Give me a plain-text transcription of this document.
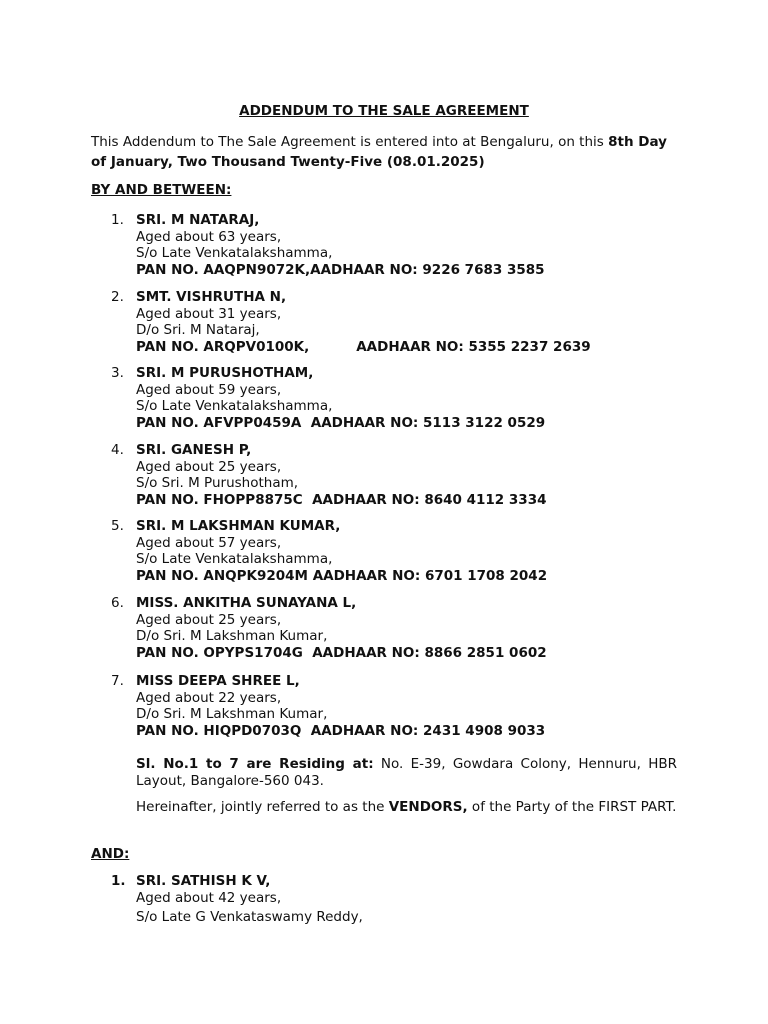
ADDENDUM TO THE SALE AGREEMENT
This Addendum to The Sale Agreement is entered into at Bengaluru, on this 8th Day of January, Two Thousand Twenty-Five (08.01.2025)
BY AND BETWEEN:
1. SRI. M NATARAJ,
Aged about 63 years,
S/o Late Venkatalakshamma,
PAN NO. AAQPN9072K,AADHAAR NO: 9226 7683 3585
2. SMT. VISHRUTHA N,
Aged about 31 years,
D/o Sri. M Nataraj,
PAN NO. ARQPV0100K,	AADHAAR NO: 5355 2237 2639
3. SRI. M PURUSHOTHAM,
Aged about 59 years,
S/o Late Venkatalakshamma,
PAN NO. AFVPP0459A AADHAAR NO: 5113 3122 0529
4. SRI. GANESH P,
Aged about 25 years,
S/o Sri. M Purushotham,
PAN NO. FHOPP8875C AADHAAR NO: 8640 4112 3334
5. SRI. M LAKSHMAN KUMAR,
Aged about 57 years,
S/o Late Venkatalakshamma,
PAN NO. ANQPK9204M AADHAAR NO: 6701 1708 2042
6. MISS. ANKITHA SUNAYANA L,
Aged about 25 years,
D/o Sri. M Lakshman Kumar,
PAN NO. OPYPS1704G AADHAAR NO: 8866 2851 0602
7. MISS DEEPA SHREE L,
Aged about 22 years,
D/o Sri. M Lakshman Kumar,
PAN NO. HIQPD0703Q AADHAAR NO: 2431 4908 9033
Sl. No.1 to 7 are Residing at: No. E-39, Gowdara Colony, Hennuru, HBR Layout, Bangalore-560 043.
Hereinafter, jointly referred to as the VENDORS, of the Party of the FIRST PART.
AND:
1. SRI. SATHISH K V,
Aged about 42 years,
S/o Late G Venkataswamy Reddy,
